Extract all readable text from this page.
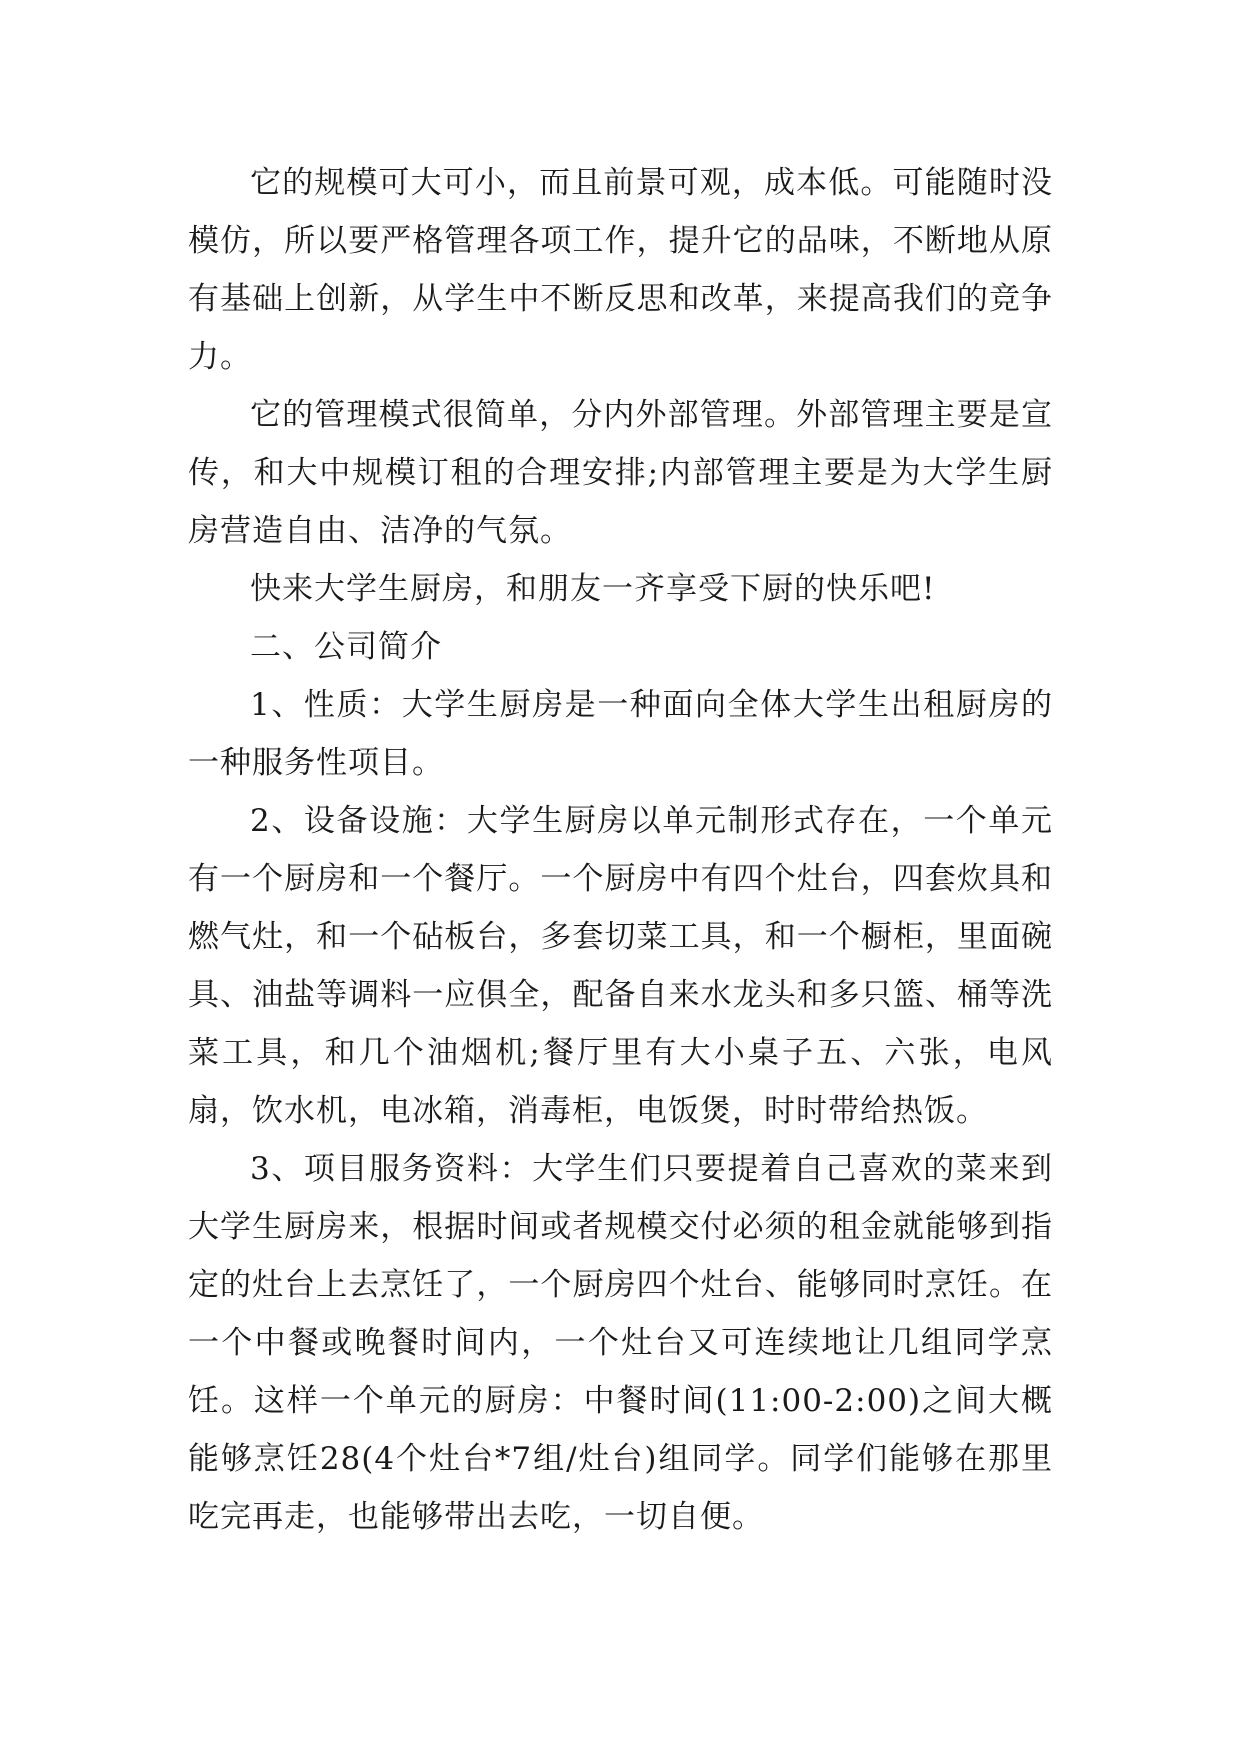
它的规模可大可小，而且前景可观，成本低。可能随时没模仿，所以要严格管理各项工作，提升它的品味，不断地从原有基础上创新，从学生中不断反思和改革，来提高我们的竞争力。

它的管理模式很简单，分内外部管理。外部管理主要是宣传，和大中规模订租的合理安排;内部管理主要是为大学生厨房营造自由、洁净的气氛。

快来大学生厨房，和朋友一齐享受下厨的快乐吧!

二、公司简介

1、性质：大学生厨房是一种面向全体大学生出租厨房的一种服务性项目。

2、设备设施：大学生厨房以单元制形式存在，一个单元有一个厨房和一个餐厅。一个厨房中有四个灶台，四套炊具和燃气灶，和一个砧板台，多套切菜工具，和一个橱柜，里面碗具、油盐等调料一应俱全，配备自来水龙头和多只篮、桶等洗菜工具，和几个油烟机;餐厅里有大小桌子五、六张，电风扇，饮水机，电冰箱，消毒柜，电饭煲，时时带给热饭。

3、项目服务资料：大学生们只要提着自己喜欢的菜来到大学生厨房来，根据时间或者规模交付必须的租金就能够到指定的灶台上去烹饪了，一个厨房四个灶台、能够同时烹饪。在一个中餐或晚餐时间内，一个灶台又可连续地让几组同学烹饪。这样一个单元的厨房：中餐时间(11:00-2:00)之间大概能够烹饪28(4个灶台*7组/灶台)组同学。同学们能够在那里吃完再走，也能够带出去吃，一切自便。
